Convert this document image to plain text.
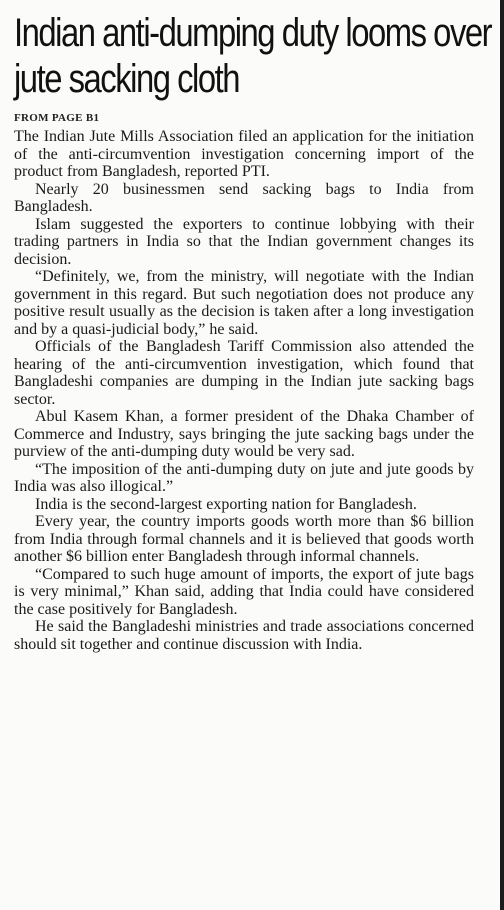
Indian anti-dumping duty looms over jute sacking cloth
FROM PAGE B1

The Indian Jute Mills Association filed an application for the initiation of the anti-circumvention investigation concerning import of the product from Bangladesh, reported PTI.

Nearly 20 businessmen send sacking bags to India from Bangladesh.

Islam suggested the exporters to continue lobbying with their trading partners in India so that the Indian government changes its decision.

“Definitely, we, from the ministry, will negotiate with the Indian government in this regard. But such negotiation does not produce any positive result usually as the decision is taken after a long investigation and by a quasi-judicial body,” he said.

Officials of the Bangladesh Tariff Commission also attended the hearing of the anti-circumvention investigation, which found that Bangladeshi companies are dumping in the Indian jute sacking bags sector.

Abul Kasem Khan, a former president of the Dhaka Chamber of Commerce and Industry, says bringing the jute sacking bags under the purview of the anti-dumping duty would be very sad.

“The imposition of the anti-dumping duty on jute and jute goods by India was also illogical.”

India is the second-largest exporting nation for Bangladesh.

Every year, the country imports goods worth more than $6 billion from India through formal channels and it is believed that goods worth another $6 billion enter Bangladesh through informal channels.

“Compared to such huge amount of imports, the export of jute bags is very minimal,” Khan said, adding that India could have considered the case positively for Bangladesh.

He said the Bangladeshi ministries and trade associations concerned should sit together and continue discussion with India.
